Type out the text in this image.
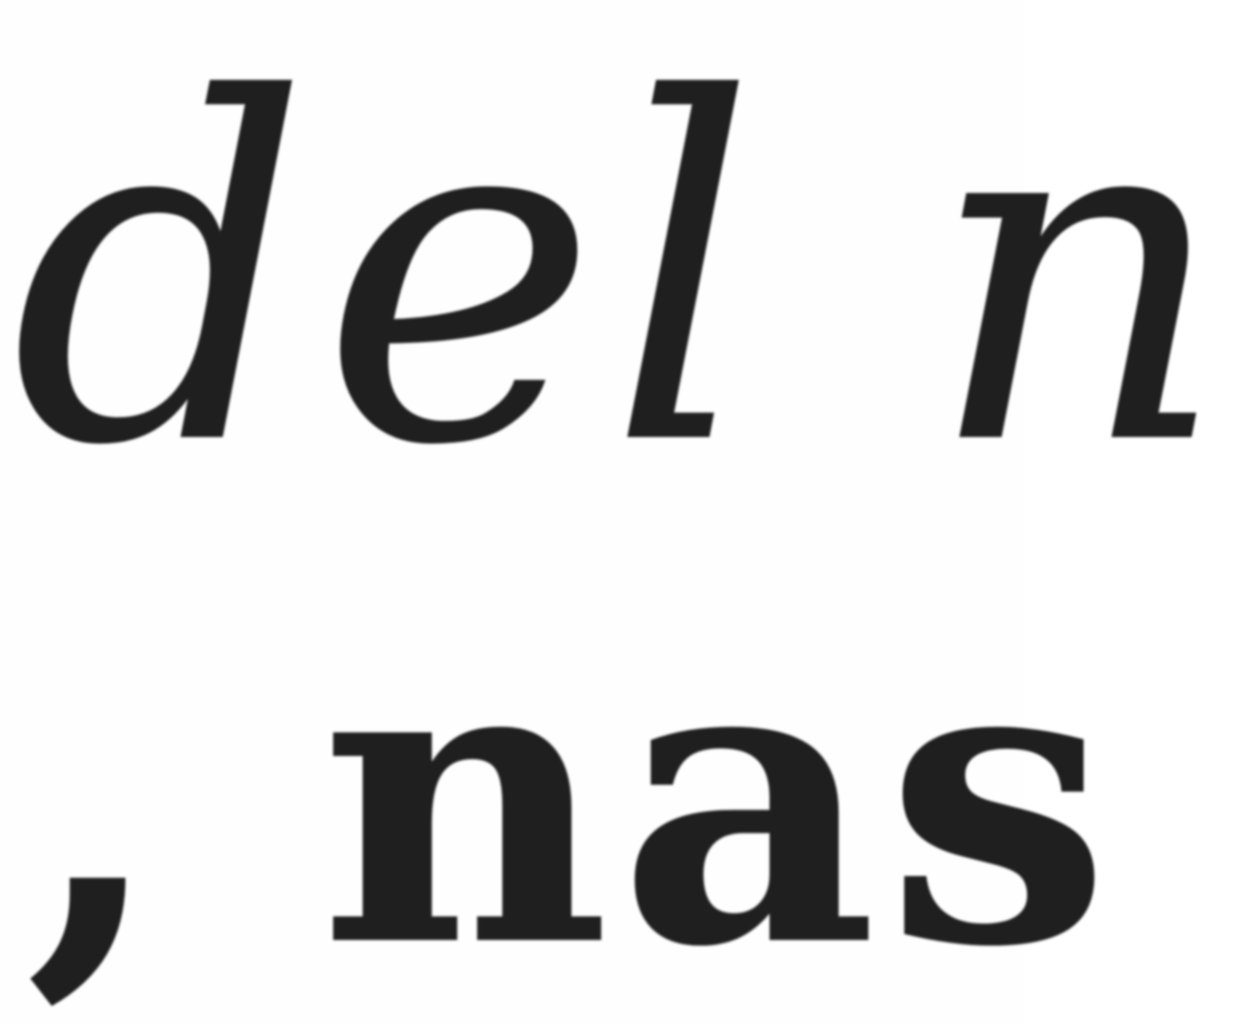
del n

, nas
